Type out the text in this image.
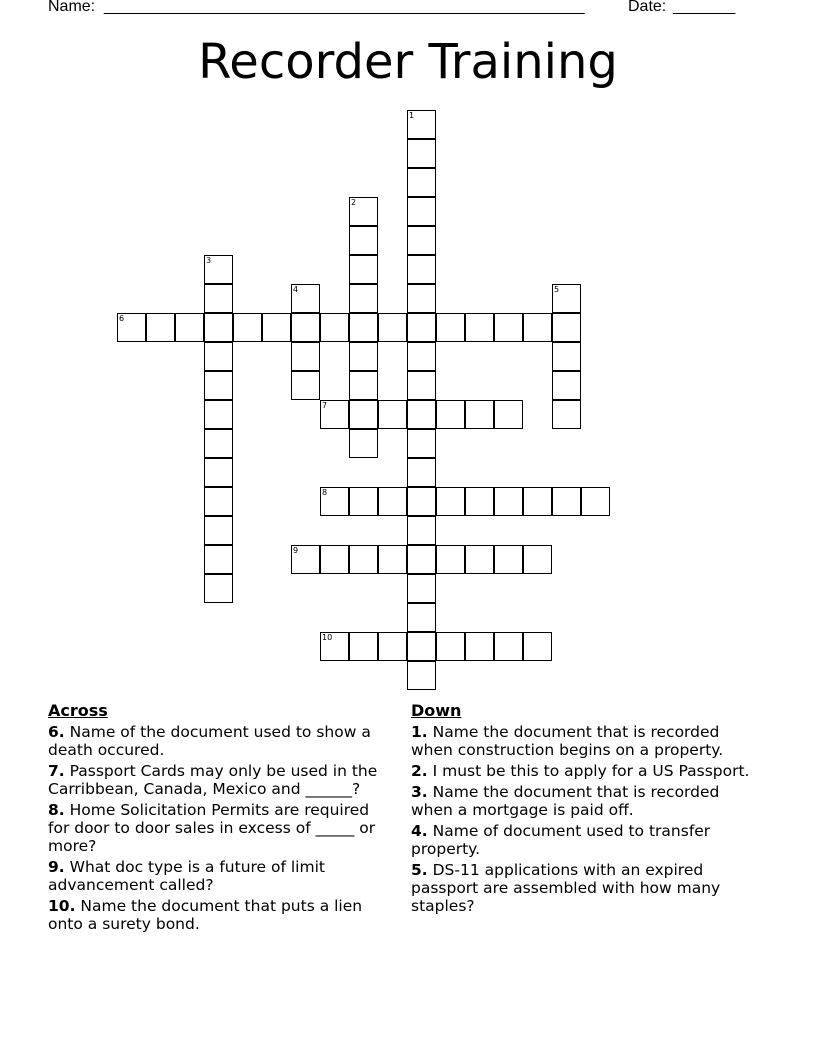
Name: ______________________________________________________	Date: _______
Recorder Training
1
2
3
4	5
6
7
8
9
10
Across
6. Name of the document used to show a death occured.
7. Passport Cards may only be used in the Carribbean, Canada, Mexico and ______?
8. Home Solicitation Permits are required for door to door sales in excess of _____ or more?
9. What doc type is a future of limit advancement called?
10. Name the document that puts a lien onto a surety bond.
Down
1. Name the document that is recorded when construction begins on a property.
2. I must be this to apply for a US Passport.
3. Name the document that is recorded when a mortgage is paid off.
4. Name of document used to transfer property.
5. DS-11 applications with an expired passport are assembled with how many staples?
